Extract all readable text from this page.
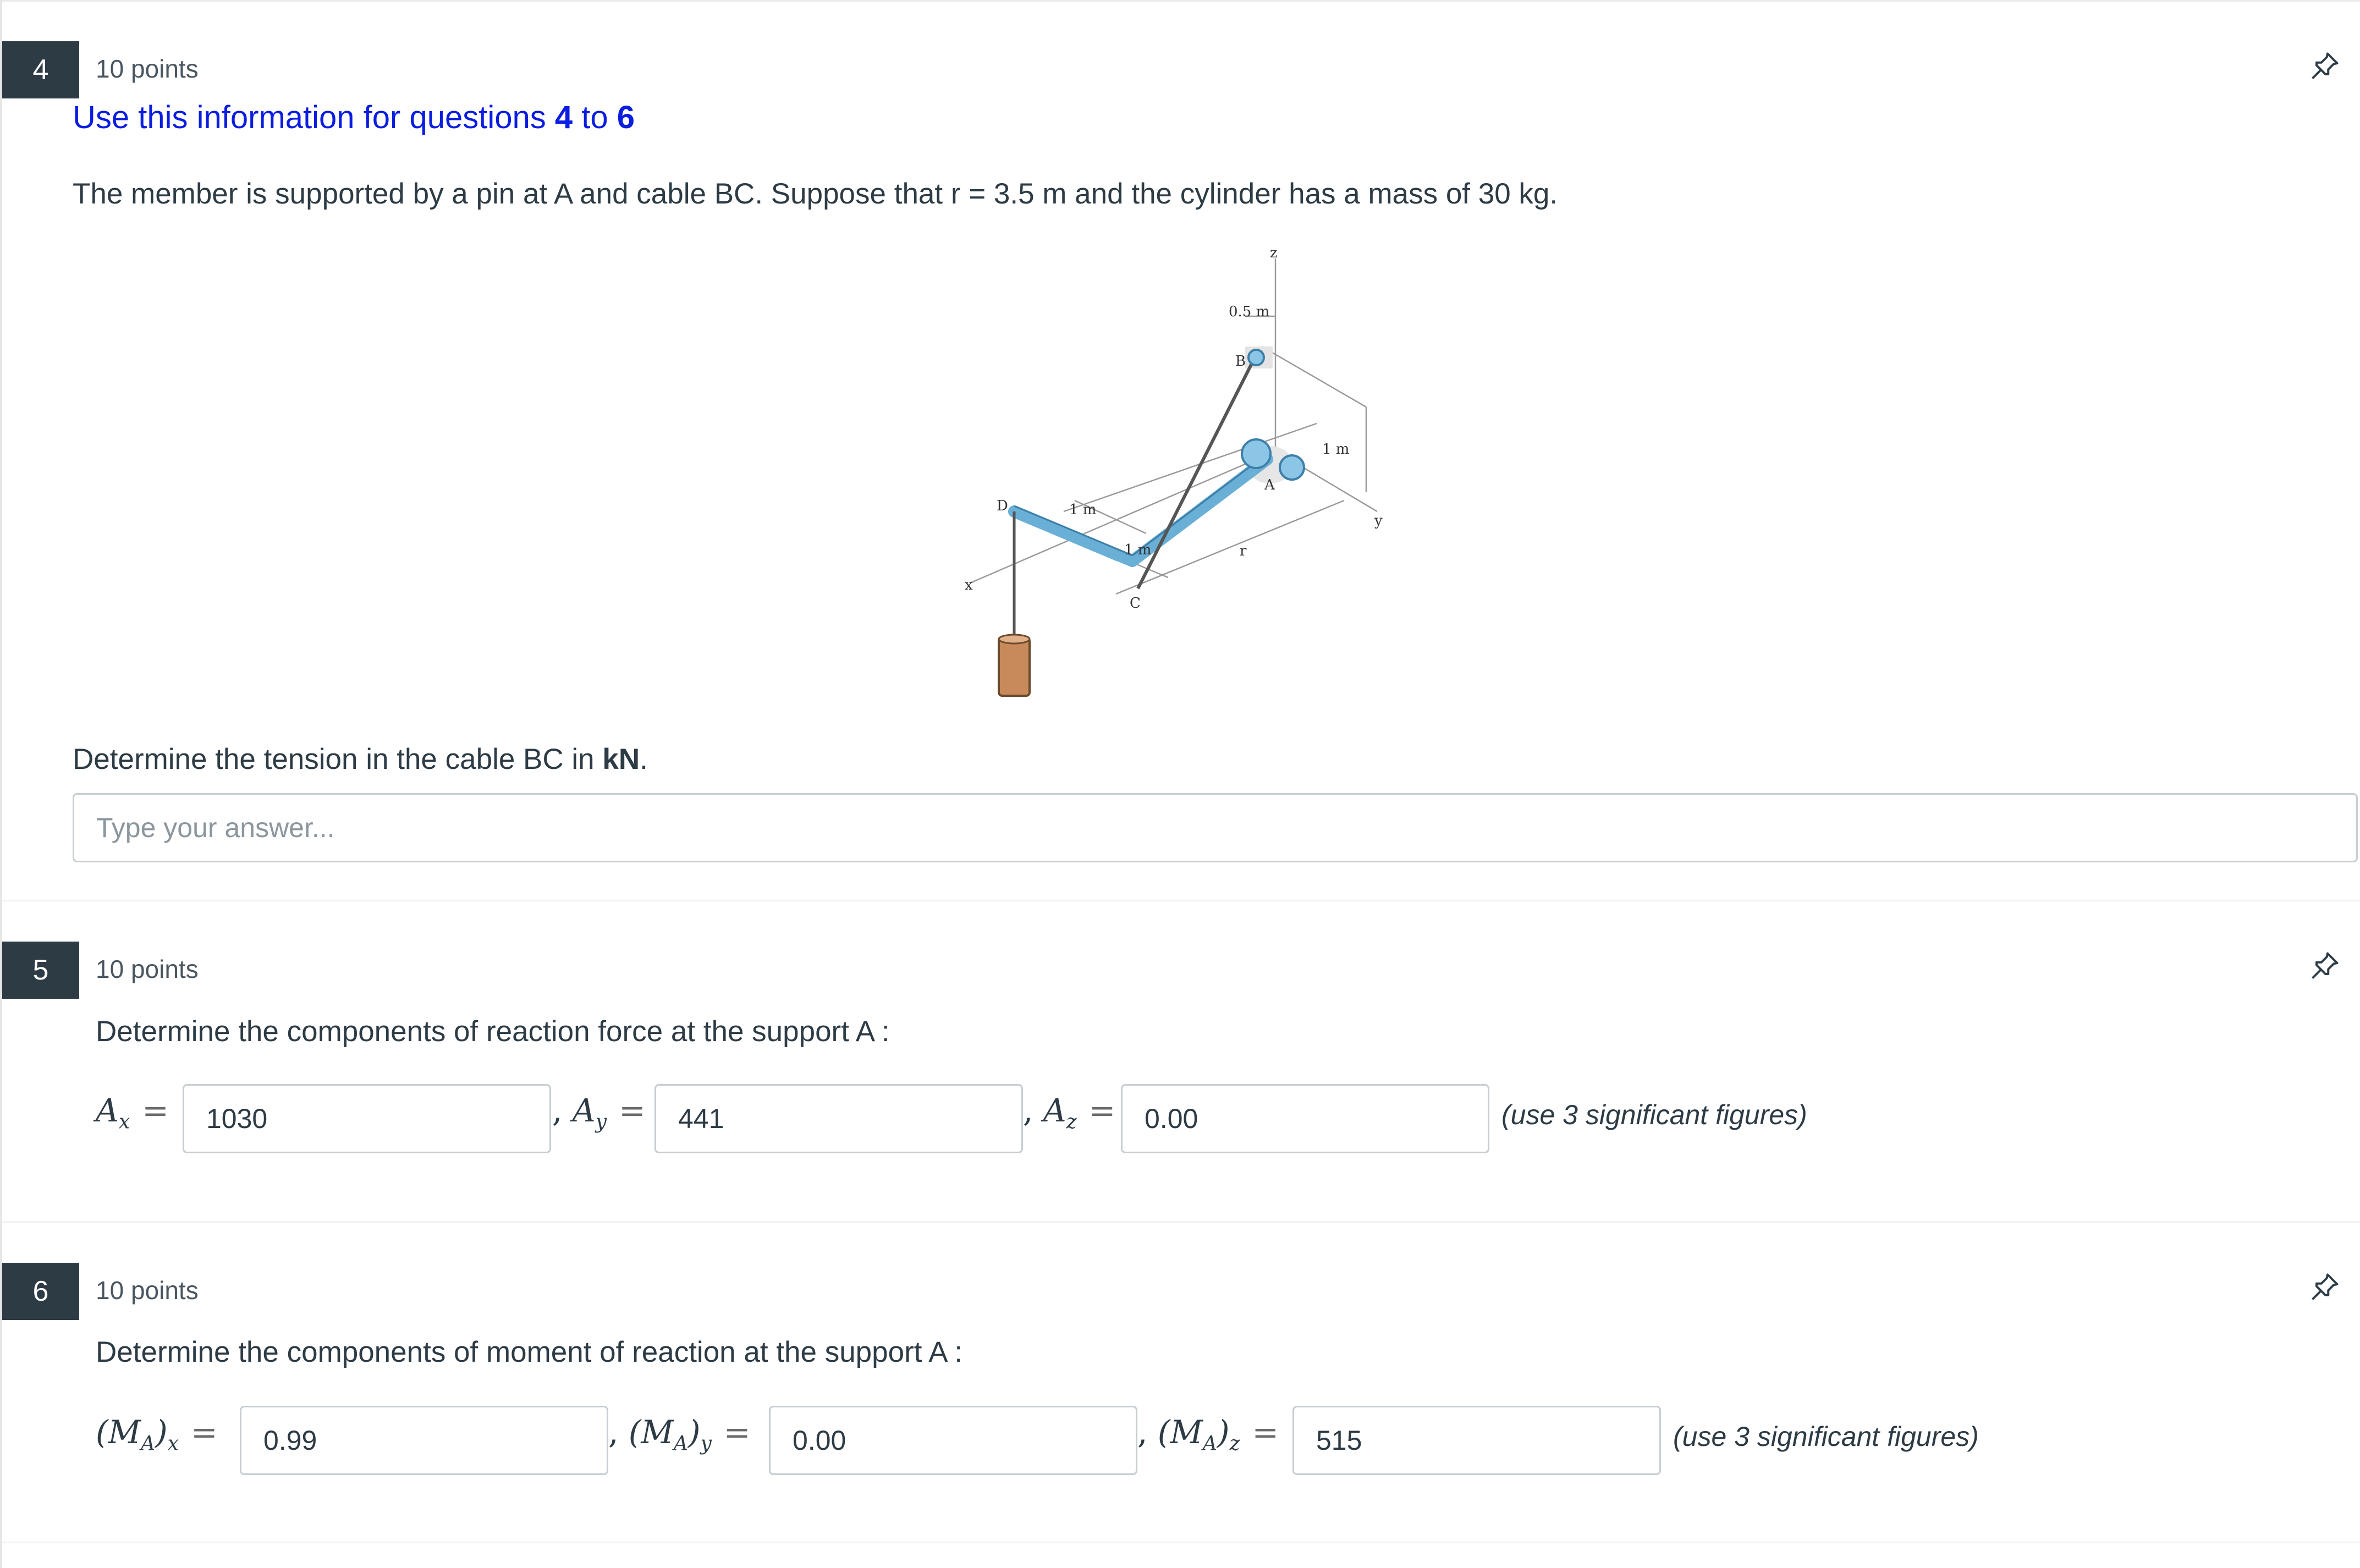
4	10 points
Use this information for questions 4 to 6
The member is supported by a pin at A and cable BC. Suppose that r = 3.5 m and the cylinder has a mass of 30 kg.
z
0.5 m
B
1 m
A
D	1 m
1 m	r
y
x
C
Determine the tension in the cable BC in kN.
Type your answer...
5	10 points
Determine the components of reaction force at the support A :
$A_x$ =
1030	, $A_y$ =
441	, $A_z$ =
0.00	(use 3 significant figures)
6	10 points
Determine the components of moment of reaction at the support A :
$(M_A)_x$ =
0.99	, $(M_A)_y$ =
0.00	, $(M_A)_z$ =
515	(use 3 significant figures)
